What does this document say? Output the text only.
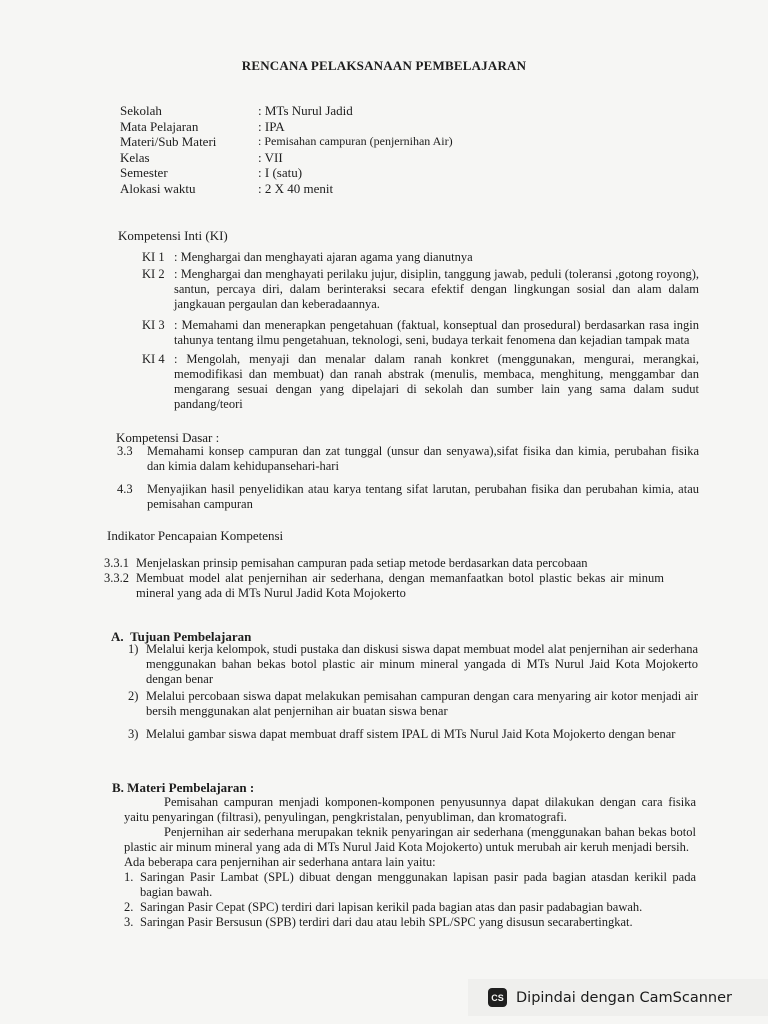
RENCANA PELAKSANAAN PEMBELAJARAN
Sekolah	: MTs Nurul Jadid
Mata Pelajaran	: IPA
Materi/Sub Materi	: Pemisahan campuran (penjernihan Air)
Kelas	: VII
Semester	: I (satu)
Alokasi waktu	: 2 X 40 menit
Kompetensi Inti (KI)
KI 1 : Menghargai dan menghayati ajaran agama yang dianutnya
KI 2 : Menghargai dan menghayati perilaku jujur, disiplin, tanggung jawab, peduli (toleransi ,gotong royong), santun, percaya diri, dalam berinteraksi secara efektif dengan lingkungan sosial dan alam dalam jangkauan pergaulan dan keberadaannya.
KI 3 : Memahami dan menerapkan pengetahuan (faktual, konseptual dan prosedural) berdasarkan rasa ingin tahunya tentang ilmu pengetahuan, teknologi, seni, budaya terkait fenomena dan kejadian tampak mata
KI 4 : Mengolah, menyaji dan menalar dalam ranah konkret (menggunakan, mengurai, merangkai, memodifikasi dan membuat) dan ranah abstrak (menulis, membaca, menghitung, menggambar dan mengarang sesuai dengan yang dipelajari di sekolah dan sumber lain yang sama dalam sudut pandang/teori
Kompetensi Dasar :
3.3	Memahami konsep campuran dan zat tunggal (unsur dan senyawa),sifat fisika dan kimia, perubahan fisika dan kimia dalam kehidupansehari-hari
4.3	Menyajikan hasil penyelidikan atau karya tentang sifat larutan, perubahan fisika dan perubahan kimia, atau pemisahan campuran
Indikator Pencapaian Kompetensi
3.3.1 Menjelaskan prinsip pemisahan campuran pada setiap metode berdasarkan data percobaan
3.3.2 Membuat model alat penjernihan air sederhana, dengan memanfaatkan botol plastic bekas air minum mineral yang ada di MTs Nurul Jadid Kota Mojokerto
A. Tujuan Pembelajaran
1) Melalui kerja kelompok, studi pustaka dan diskusi siswa dapat membuat model alat penjernihan air sederhana menggunakan bahan bekas botol plastic air minum mineral yangada di MTs Nurul Jaid Kota Mojokerto dengan benar
2) Melalui percobaan siswa dapat melakukan pemisahan campuran dengan cara menyaring air kotor menjadi air bersih menggunakan alat penjernihan air buatan siswa benar
3) Melalui gambar siswa dapat membuat draff sistem IPAL di MTs Nurul Jaid Kota Mojokerto dengan benar
B. Materi Pembelajaran :
Pemisahan campuran menjadi komponen-komponen penyusunnya dapat dilakukan dengan cara fisika yaitu penyaringan (filtrasi), penyulingan, pengkristalan, penyubliman, dan kromatografi.
Penjernihan air sederhana merupakan teknik penyaringan air sederhana (menggunakan bahan bekas botol plastic air minum mineral yang ada di MTs Nurul Jaid Kota Mojokerto) untuk merubah air keruh menjadi bersih.
Ada beberapa cara penjernihan air sederhana antara lain yaitu:
1. Saringan Pasir Lambat (SPL) dibuat dengan menggunakan lapisan pasir pada bagian atasdan kerikil pada bagian bawah.
2. Saringan Pasir Cepat (SPC) terdiri dari lapisan kerikil pada bagian atas dan pasir padabagian bawah.
3. Saringan Pasir Bersusun (SPB) terdiri dari dau atau lebih SPL/SPC yang disusun secarabertingkat.
CS Dipindai dengan CamScanner
